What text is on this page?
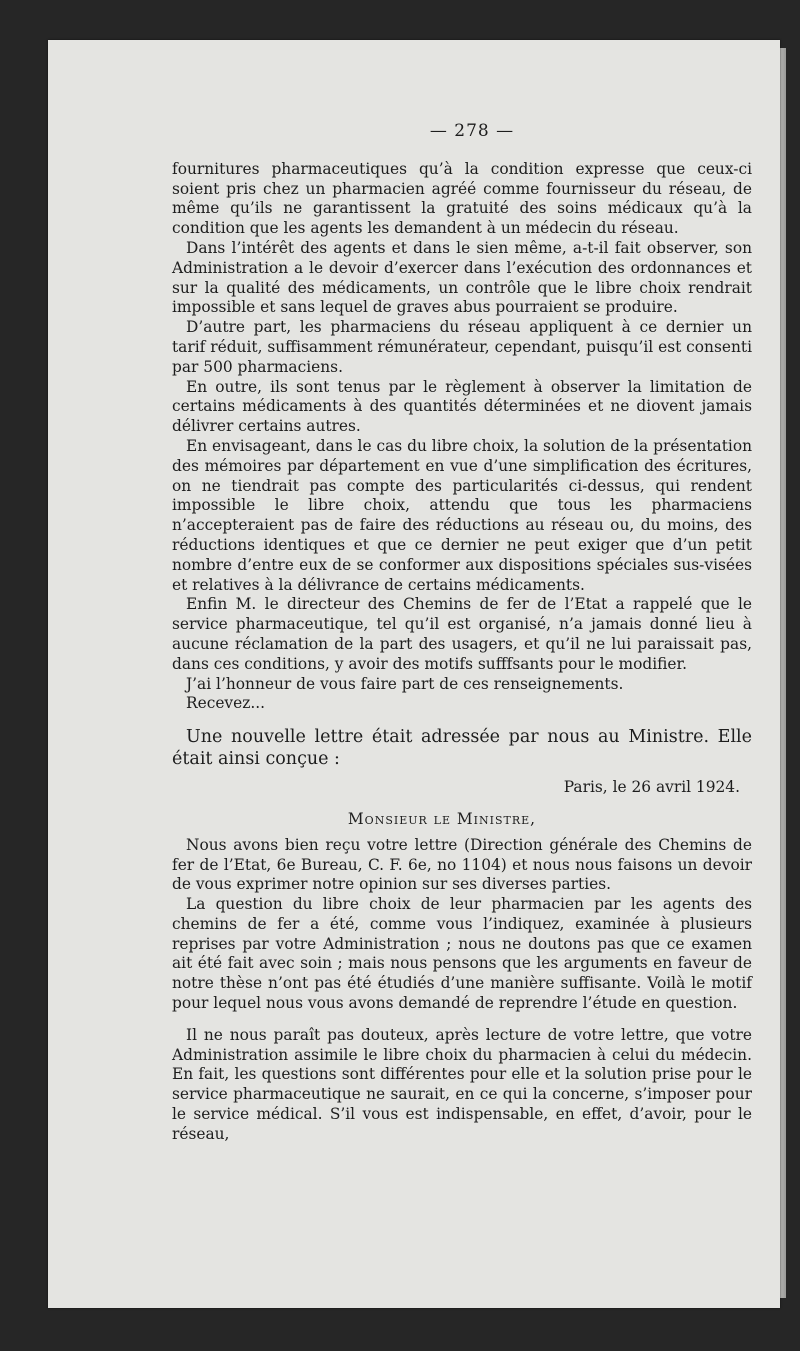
— 278 —

fournitures pharmaceutiques qu’à la condition expresse que ceux-ci soient pris chez un pharmacien agréé comme fournisseur du réseau, de même qu’ils ne garantissent la gratuité des soins médicaux qu’à la condition que les agents les demandent à un médecin du réseau.

Dans l’intérêt des agents et dans le sien même, a-t-il fait observer, son Administration a le devoir d’exercer dans l’exécution des ordonnances et sur la qualité des médicaments, un contrôle que le libre choix rendrait impossible et sans lequel de graves abus pourraient se produire.

D’autre part, les pharmaciens du réseau appliquent à ce dernier un tarif réduit, suffisamment rémunérateur, cependant, puisqu’il est consenti par 500 pharmaciens.

En outre, ils sont tenus par le règlement à observer la limitation de certains médicaments à des quantités déterminées et ne diovent jamais délivrer certains autres.

En envisageant, dans le cas du libre choix, la solution de la présentation des mémoires par département en vue d’une simplification des écritures, on ne tiendrait pas compte des particularités ci-dessus, qui rendent impossible le libre choix, attendu que tous les pharmaciens n’accepteraient pas de faire des réductions au réseau ou, du moins, des réductions identiques et que ce dernier ne peut exiger que d’un petit nombre d’entre eux de se conformer aux dispositions spéciales sus-visées et relatives à la délivrance de certains médicaments.

Enfin M. le directeur des Chemins de fer de l’Etat a rappelé que le service pharmaceutique, tel qu’il est organisé, n’a jamais donné lieu à aucune réclamation de la part des usagers, et qu’il ne lui paraissait pas, dans ces conditions, y avoir des motifs sufffsants pour le modifier.

J’ai l’honneur de vous faire part de ces renseignements.

Recevez...

Une nouvelle lettre était adressée par nous au Ministre. Elle était ainsi conçue :

Paris, le 26 avril 1924.

Monsieur le Ministre,

Nous avons bien reçu votre lettre (Direction générale des Chemins de fer de l’Etat, 6e Bureau, C. F. 6e, no 1104) et nous nous faisons un devoir de vous exprimer notre opinion sur ses diverses parties.

La question du libre choix de leur pharmacien par les agents des chemins de fer a été, comme vous l’indiquez, examinée à plusieurs reprises par votre Administration ; nous ne doutons pas que ce examen ait été fait avec soin ; mais nous pensons que les arguments en faveur de notre thèse n’ont pas été étudiés d’une manière suffisante. Voilà le motif pour lequel nous vous avons demandé de reprendre l’étude en question.

Il ne nous paraît pas douteux, après lecture de votre lettre, que votre Administration assimile le libre choix du pharmacien à celui du médecin. En fait, les questions sont différentes pour elle et la solution prise pour le service pharmaceutique ne saurait, en ce qui la concerne, s’imposer pour le service médical. S’il vous est indispensable, en effet, d’avoir, pour le réseau,
